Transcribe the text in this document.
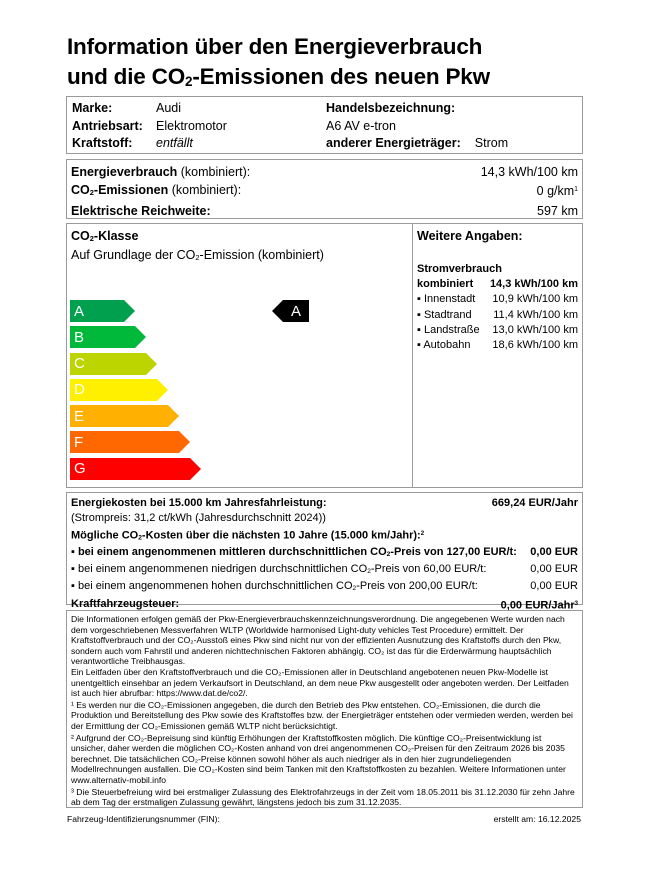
Information über den Energieverbrauch
und die CO2-Emissionen des neuen Pkw
Marke:	Audi	Handelsbezeichnung:
Antriebsart:	Elektromotor	A6 AV e-tron
Kraftstoff:	entfällt	anderer Energieträger: Strom
Energieverbrauch (kombiniert):	14,3 kWh/100 km
CO2-Emissionen (kombiniert):	0 $g/km^1$
Elektrische Reichweite:	597 km
CO2-Klasse
Auf Grundlage der CO2-Emission (kombiniert)
A
B
C
D
E
F
G
A
Weitere Angaben:
Stromverbrauch
kombiniert	14,3 kWh/100 km
▪ Innenstadt	10,9 kWh/100 km
▪ Stadtrand	11,4 kWh/100 km
▪ Landstraße	13,0 kWh/100 km
▪ Autobahn	18,6 kWh/100 km
Energiekosten bei 15.000 km Jahresfahrleistung:	669,24 EUR/Jahr
(Strompreis: 31,2 ct/kWh (Jahresdurchschnitt 2024))
Mögliche CO2-Kosten über die nächsten 10 Jahre (15.000 km/Jahr):$^2$
▪ bei einem angenommenen mittleren durchschnittlichen CO2-Preis von 127,00 EUR/t: 0,00 EUR
▪ bei einem angenommenen niedrigen durchschnittlichen CO2-Preis von 60,00 EUR/t:	0,00 EUR
▪ bei einem angenommenen hohen durchschnittlichen CO2-Preis von 200,00 EUR/t:	0,00 EUR
Kraftfahrzeugsteuer:	0,00 EUR/Jahr$^3$

Die Informationen erfolgen gemäß der Pkw-Energieverbrauchskennzeichnungsverordnung. Die angegebenen Werte wurden nach dem vorgeschriebenen Messverfahren WLTP (Worldwide harmonised Light-duty vehicles Test Procedure) ermittelt. Der Kraftstoffverbrauch und der CO₂-Ausstoß eines Pkw sind nicht nur von der effizienten Ausnutzung des Kraftstoffs durch den Pkw, sondern auch vom Fahrstil und anderen nichttechnischen Faktoren abhängig. CO₂ ist das für die Erderwärmung hauptsächlich verantwortliche Treibhausgas.

Ein Leitfaden über den Kraftstoffverbrauch und die CO₂-Emissionen aller in Deutschland angebotenen neuen Pkw-Modelle ist unentgeltlich einsehbar an jedem Verkaufsort in Deutschland, an dem neue Pkw ausgestellt oder angeboten werden. Der Leitfaden ist auch hier abrufbar: https://www.dat.de/co2/.

¹ Es werden nur die CO₂-Emissionen angegeben, die durch den Betrieb des Pkw entstehen. CO₂-Emissionen, die durch die Produktion und Bereitstellung des Pkw sowie des Kraftstoffes bzw. der Energieträger entstehen oder vermieden werden, werden bei der Ermittlung der CO₂-Emissionen gemäß WLTP nicht berücksichtigt.

² Aufgrund der CO₂-Bepreisung sind künftig Erhöhungen der Kraftstoffkosten möglich. Die künftige CO₂-Preisentwicklung ist unsicher, daher werden die möglichen CO₂-Kosten anhand von drei angenommenen CO₂-Preisen für den Zeitraum 2026 bis 2035 berechnet. Die tatsächlichen CO₂-Preise können sowohl höher als auch niedriger als in den hier zugrundeliegenden Modellrechnungen ausfallen. Die CO₂-Kosten sind beim Tanken mit den Kraftstoffkosten zu bezahlen. Weitere Informationen unter www.alternativ-mobil.info

³ Die Steuerbefreiung wird bei erstmaliger Zulassung des Elektrofahrzeugs in der Zeit vom 18.05.2011 bis 31.12.2030 für zehn Jahre ab dem Tag der erstmaligen Zulassung gewährt, längstens jedoch bis zum 31.12.2035.

Fahrzeug-Identifizierungsnummer (FIN):	erstellt am: 16.12.2025
